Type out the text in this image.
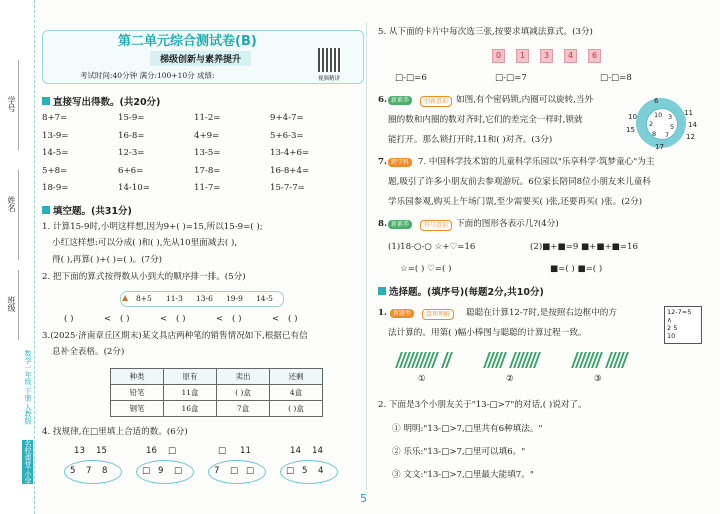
学号
姓名
班级
数学一年级 下册 人教版
名校课堂·小学
第二单元综合测试卷(B)
梯级创新与素养提升
考试时间:40分钟 满分:100+10分 成绩:	视频精讲
直接写出得数。(共20分)
填空题。(共31分)
1. 计算15-9时,小明这样想,因为9+( )=15,所以15-9=( );
小红这样想:可以分成( )和( ),先从10里面减去( ),
得( ),再算( )+( )=( )。(7分)
2. 把下面的算式按得数从小到大的顺序排一排。(5分)
3.(2025·济南章丘区期末)某文具店两种笔的销售情况如下,根据已有信
息补全表格。(2分)
种类	原有	卖出	还剩
铅笔	11盒	( )盒	4盒
钢笔	16盒	7盒	( )盒
4. 找规律,在□里填上合适的数。(6分)
5. 从下面的卡片中每次选三张,按要求填减法算式。(3分)
□-□=6	□-□=7	□-□=8
新素养	创新意识
6.	如图,有个密码锁,内圈可以旋转,当外
圈的数和内圈的数对齐时,它们的差完全一样时,锁就
能打开。那么锁打开时,11和( )对齐。(3分)
7. 跨学科	7. 中国科学技术馆的儿童科学乐园以"乐享科学·筑梦童心"为主
题,吸引了许多小朋友前去参观游玩。6位家长陪同8位小朋友来儿童科
学乐园参观,购买上午场门票,至少需要买( )张,还要再买( )张。(2分)
8. 新素养	符号意识 下面的图形各表示几?(4分)
(1)18-○-○ ☆+♡=16	(2)■+■=9 ■+■+■=16
☆=( ) ♡=( )	■=( ) ■=( )
选择题。(填序号)(每题2分,共10分)
1.	新题型	算理理解	聪聪在计算12-7时,是按照右边框中的方
法计算的。用第( )幅小棒图与聪聪的计算过程一致。
2. 下面是3个小朋友关于"13-□>7"的对话,( )说对了。
① 明明:"13-□>7,□里共有6种填法。"
② 乐乐:"13-□>7,□里可以填6。"
③ 文文:"13-□>7,□里最大能填7。"
5
8+7=	15-9=	11-2=	9+4-7=
13-9=	16-8=	4+9=	5+6-3=
14-5=	12-3=	13-5=	13-4+6=
5+8=	6+6=	17-8=	16-8+4=
18-9=	14-10=	11-7=	15-7-7=
▲ 8+5 11-3 13-6 19-9 14-5
( )	< ( )	< ( )	< ( )	< ( )
13 15
5 7 8
16 □
□ 9 □
□ 11
7 □ □
14 14
□ 5 4
0	1	3	4	6
6
10
15
17
11
14
12
10 3
5
7
8
2
12-7=5
∧
2 5
10
①	②	③
